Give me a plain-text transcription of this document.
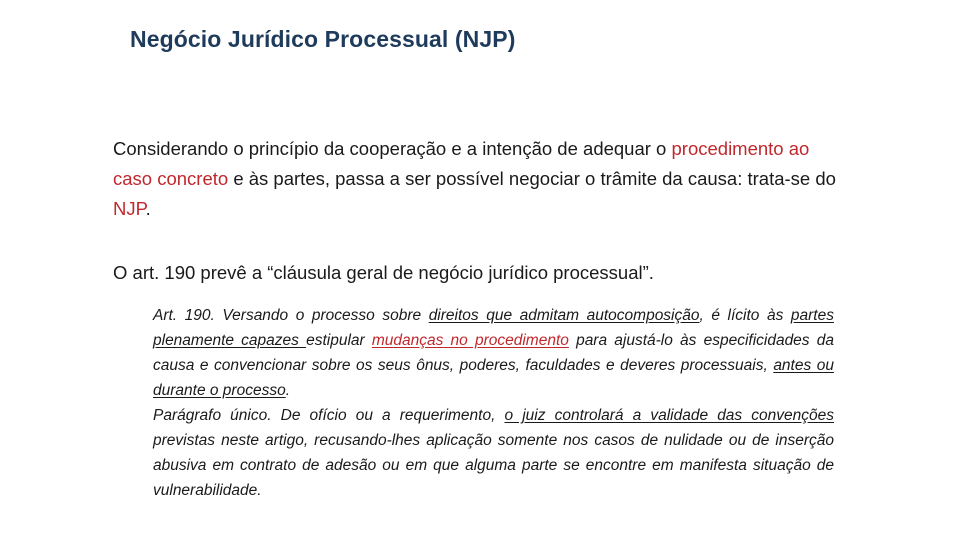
Negócio Jurídico Processual (NJP)
Considerando o princípio da cooperação e a intenção de adequar o procedimento ao caso concreto e às partes, passa a ser possível negociar o trâmite da causa: trata-se do NJP.
O art. 190 prevê a “cláusula geral de negócio jurídico processual”.
Art. 190. Versando o processo sobre direitos que admitam autocomposição, é lícito às partes plenamente capazes estipular mudanças no procedimento para ajustá-lo às especificidades da causa e convencionar sobre os seus ônus, poderes, faculdades e deveres processuais, antes ou durante o processo.
Parágrafo único. De ofício ou a requerimento, o juiz controlará a validade das convenções previstas neste artigo, recusando-lhes aplicação somente nos casos de nulidade ou de inserção abusiva em contrato de adesão ou em que alguma parte se encontre em manifesta situação de vulnerabilidade.
